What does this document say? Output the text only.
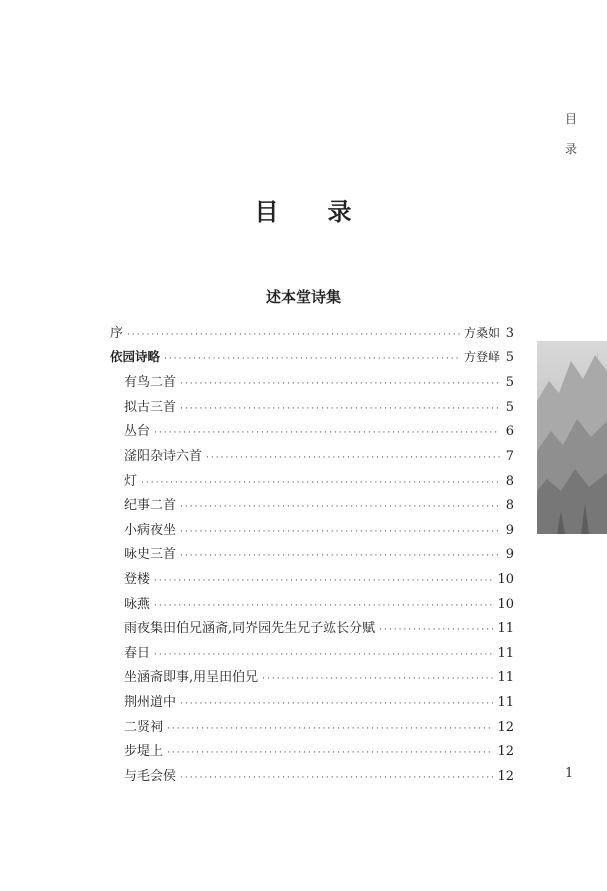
目
录
目 录
述本堂诗集
序 ·····	方桑如 3
依园诗略 ·····	方登峄 5
有鸟二首 ·····	5
拟古三首 ·····	5
丛台 ·····	6
滏阳杂诗六首 ·····	7
灯 ·····	8
纪事二首 ·····	8
小病夜坐 ·····	9
咏史三首 ·····	9
登楼 ·····	10
咏燕 ·····	10
雨夜集田伯兄涵斋,同岕园先生兄子竑长分赋 ·····	11
春日 ·····	11
坐涵斋即事,用呈田伯兄 ·····	11
荆州道中 ·····	11
二贤祠 ·····	12
步堤上 ·····	12
与毛会侯 ·····	12
⋮
1
